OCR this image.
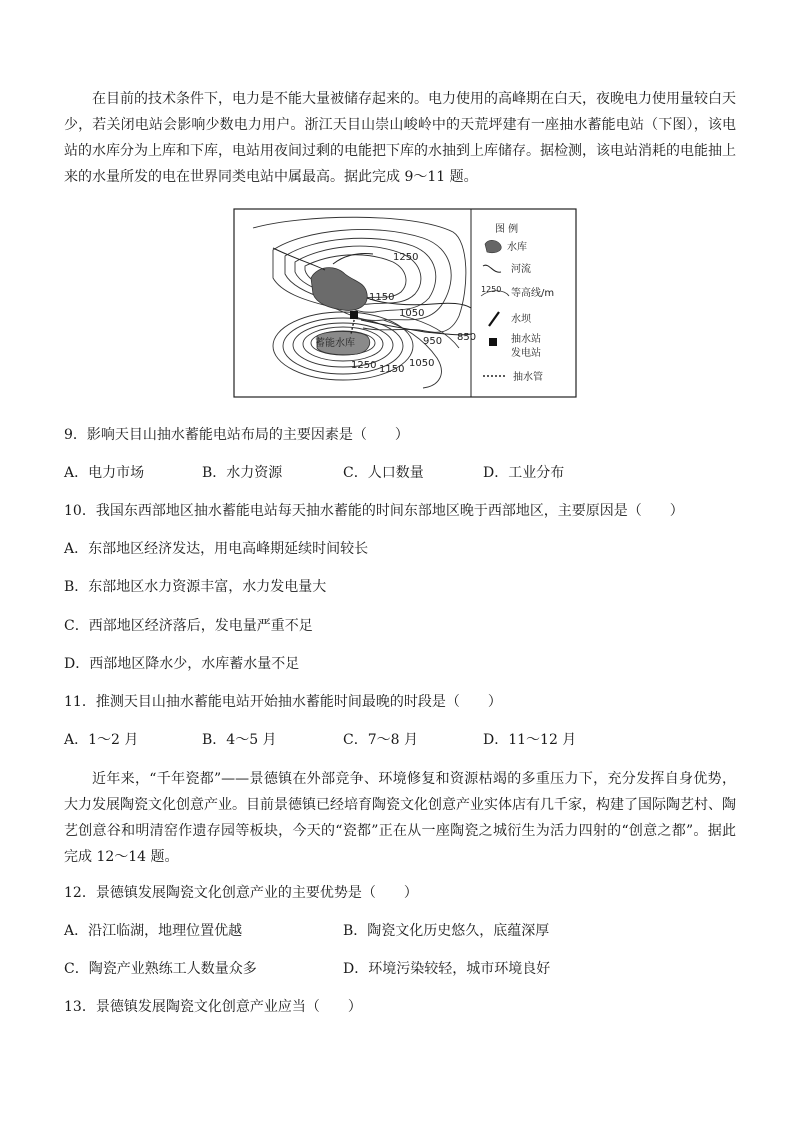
在目前的技术条件下，电力是不能大量被储存起来的。电力使用的高峰期在白天，夜晚电力使用量较白天少，若关闭电站会影响少数电力用户。浙江天目山崇山峻岭中的天荒坪建有一座抽水蓄能电站（下图），该电站的水库分为上库和下库，电站用夜间过剩的电能把下库的水抽到上库储存。据检测，该电站消耗的电能抽上来的水量所发的电在世界同类电站中属最高。据此完成 9～11 题。

1250
1150
1050
950 850
1250 1150
1050
蓄能水库
图 例
水库
河流
1250 等高线/m
水坝
抽水站
发电站
抽水管

9．影响天目山抽水蓄能电站布局的主要因素是（　　）

A．电力市场	B．水力资源	C．人口数量	D．工业分布

10．我国东西部地区抽水蓄能电站每天抽水蓄能的时间东部地区晚于西部地区，主要原因是（　　）

A．东部地区经济发达，用电高峰期延续时间较长
B．东部地区水力资源丰富，水力发电量大
C．西部地区经济落后，发电量严重不足
D．西部地区降水少，水库蓄水量不足

11．推测天目山抽水蓄能电站开始抽水蓄能时间最晚的时段是（　　）

A．1～2 月	B．4～5 月	C．7～8 月	D．11～12 月

近年来，“千年瓷都”——景德镇在外部竞争、环境修复和资源枯竭的多重压力下，充分发挥自身优势，大力发展陶瓷文化创意产业。目前景德镇已经培育陶瓷文化创意产业实体店有几千家，构建了国际陶艺村、陶艺创意谷和明清窑作遗存园等板块，今天的“瓷都”正在从一座陶瓷之城衍生为活力四射的“创意之都”。据此完成 12～14 题。

12．景德镇发展陶瓷文化创意产业的主要优势是（　　）

A．沿江临湖，地理位置优越	B．陶瓷文化历史悠久，底蕴深厚
C．陶瓷产业熟练工人数量众多	D．环境污染较轻，城市环境良好

13．景德镇发展陶瓷文化创意产业应当（　　）
